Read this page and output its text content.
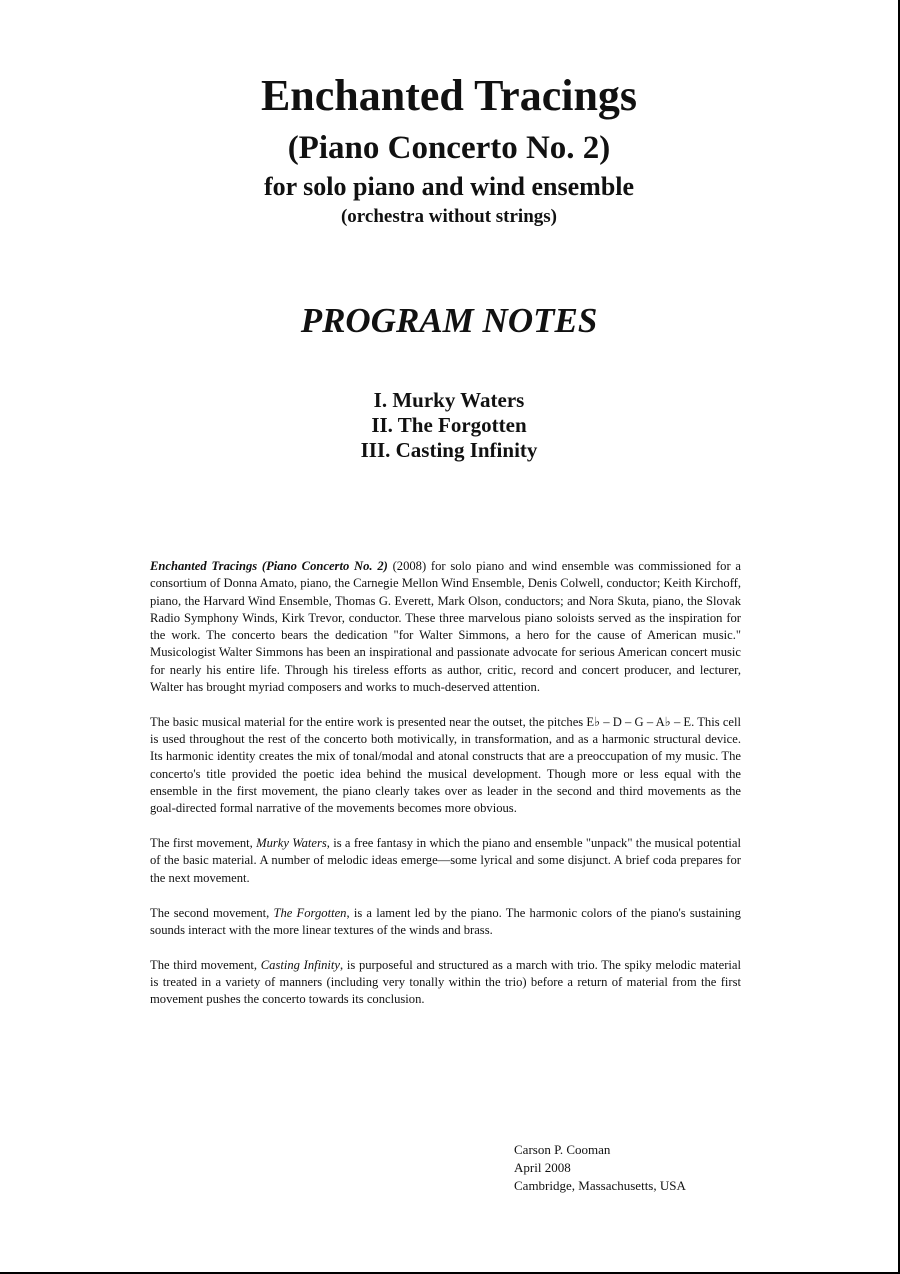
Enchanted Tracings
(Piano Concerto No. 2)
for solo piano and wind ensemble
(orchestra without strings)
PROGRAM NOTES
I. Murky Waters
II. The Forgotten
III. Casting Infinity

Enchanted Tracings (Piano Concerto No. 2) (2008) for solo piano and wind ensemble was commissioned for a consortium of Donna Amato, piano, the Carnegie Mellon Wind Ensemble, Denis Colwell, conductor; Keith Kirchoff, piano, the Harvard Wind Ensemble, Thomas G. Everett, Mark Olson, conductors; and Nora Skuta, piano, the Slovak Radio Symphony Winds, Kirk Trevor, conductor. These three marvelous piano soloists served as the inspiration for the work. The concerto bears the dedication "for Walter Simmons, a hero for the cause of American music." Musicologist Walter Simmons has been an inspirational and passionate advocate for serious American concert music for nearly his entire life. Through his tireless efforts as author, critic, record and concert producer, and lecturer, Walter has brought myriad composers and works to much-deserved attention.

The basic musical material for the entire work is presented near the outset, the pitches E♭ – D – G – A♭ – E. This cell is used throughout the rest of the concerto both motivically, in transformation, and as a harmonic structural device. Its harmonic identity creates the mix of tonal/modal and atonal constructs that are a preoccupation of my music. The concerto's title provided the poetic idea behind the musical development. Though more or less equal with the ensemble in the first movement, the piano clearly takes over as leader in the second and third movements as the goal-directed formal narrative of the movements becomes more obvious.

The first movement, Murky Waters, is a free fantasy in which the piano and ensemble "unpack" the musical potential of the basic material. A number of melodic ideas emerge—some lyrical and some disjunct. A brief coda prepares for the next movement.

The second movement, The Forgotten, is a lament led by the piano. The harmonic colors of the piano's sustaining sounds interact with the more linear textures of the winds and brass.

The third movement, Casting Infinity, is purposeful and structured as a march with trio. The spiky melodic material is treated in a variety of manners (including very tonally within the trio) before a return of material from the first movement pushes the concerto towards its conclusion.

Carson P. Cooman
April 2008
Cambridge, Massachusetts, USA
